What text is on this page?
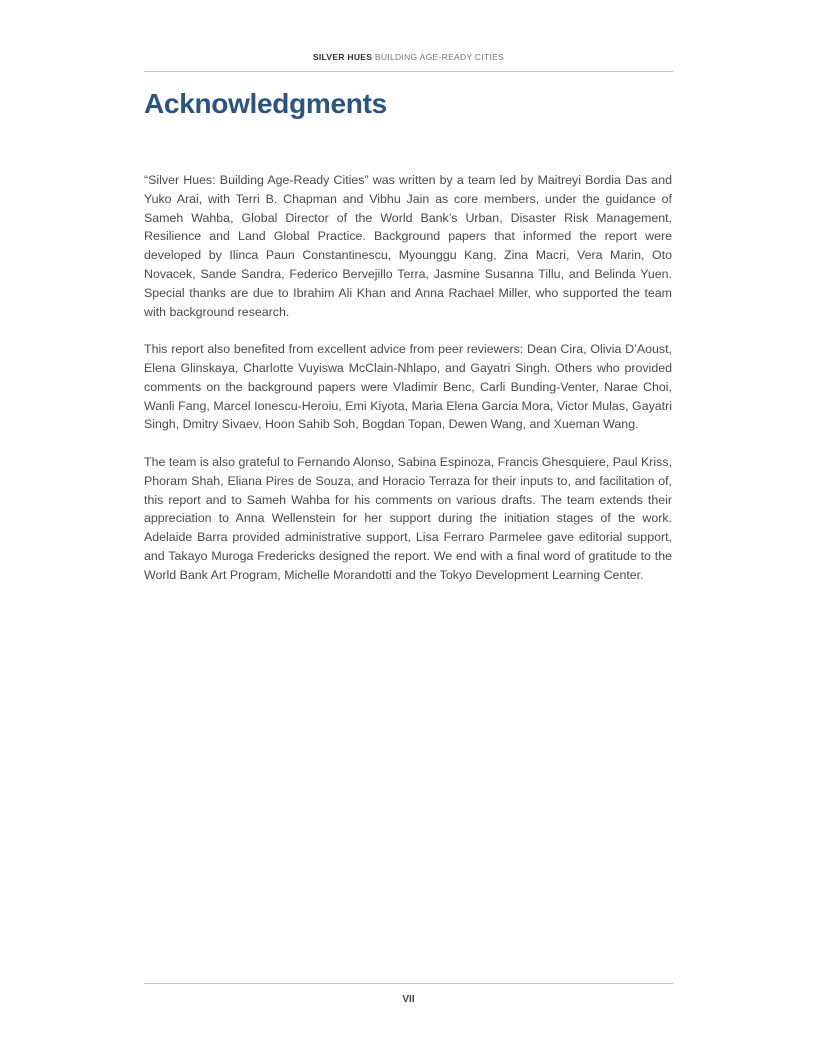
SILVER HUES BUILDING AGE-READY CITIES
Acknowledgments

“Silver Hues: Building Age-Ready Cities” was written by a team led by Maitreyi Bordia Das and Yuko Arai, with Terri B. Chapman and Vibhu Jain as core members, under the guidance of Sameh Wahba, Global Director of the World Bank’s Urban, Disaster Risk Management, Resilience and Land Global Practice. Background papers that informed the report were developed by Ilinca Paun Constantinescu, Myounggu Kang, Zina Macri, Vera Marin, Oto Novacek, Sande Sandra, Federico Bervejillo Terra, Jasmine Susanna Tillu, and Belinda Yuen. Special thanks are due to Ibrahim Ali Khan and Anna Rachael Miller, who supported the team with background research.

This report also benefited from excellent advice from peer reviewers: Dean Cira, Olivia D’Aoust, Elena Glinskaya, Charlotte Vuyiswa McClain-Nhlapo, and Gayatri Singh. Others who provided comments on the background papers were Vladimir Benc, Carli Bunding-Venter, Narae Choi, Wanli Fang, Marcel Ionescu-Heroiu, Emi Kiyota, Maria Elena Garcia Mora, Victor Mulas, Gayatri Singh, Dmitry Sivaev, Hoon Sahib Soh, Bogdan Topan, Dewen Wang, and Xueman Wang.

The team is also grateful to Fernando Alonso, Sabina Espinoza, Francis Ghesquiere, Paul Kriss, Phoram Shah, Eliana Pires de Souza, and Horacio Terraza for their inputs to, and facilitation of, this report and to Sameh Wahba for his comments on various drafts. The team extends their appreciation to Anna Wellenstein for her support during the initiation stages of the work. Adelaide Barra provided administrative support, Lisa Ferraro Parmelee gave editorial support, and Takayo Muroga Fredericks designed the report. We end with a final word of gratitude to the World Bank Art Program, Michelle Morandotti and the Tokyo Development Learning Center.

VII
